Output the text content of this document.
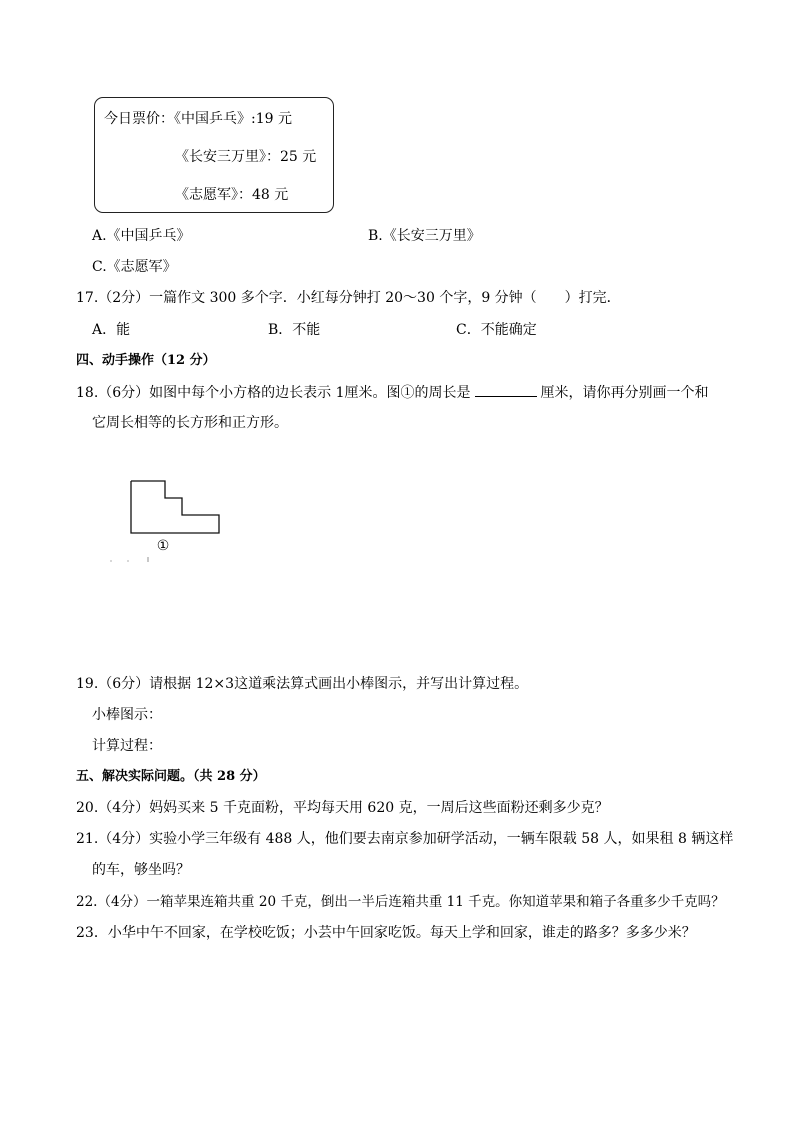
今日票价：《中国乒乓》:19 元
《长安三万里》：25 元
《志愿军》：48 元
A.《中国乒乓》	B.《长安三万里》
C.《志愿军》
17.（2分）一篇作文 300 多个字．小红每分钟打 20～30 个字，9 分钟（　　）打完．
A．能	B．不能	C．不能确定
四、动手操作（12 分）
18.（6分）如图中每个小方格的边长表示 1厘米。图①的周长是	厘米，请你再分别画一个和
它周长相等的长方形和正方形。
①
19.（6分）请根据 12×3这道乘法算式画出小棒图示，并写出计算过程。
小棒图示：
计算过程：
五、解决实际问题。（共 28 分）
20.（4分）妈妈买来 5 千克面粉，平均每天用 620 克，一周后这些面粉还剩多少克？
21.（4分）实验小学三年级有 488 人，他们要去南京参加研学活动，一辆车限载 58 人，如果租 8 辆这样
的车，够坐吗？
22.（4分）一箱苹果连箱共重 20 千克，倒出一半后连箱共重 11 千克。你知道苹果和箱子各重多少千克吗？
23．小华中午不回家，在学校吃饭；小芸中午回家吃饭。每天上学和回家，谁走的路多？多多少米？
